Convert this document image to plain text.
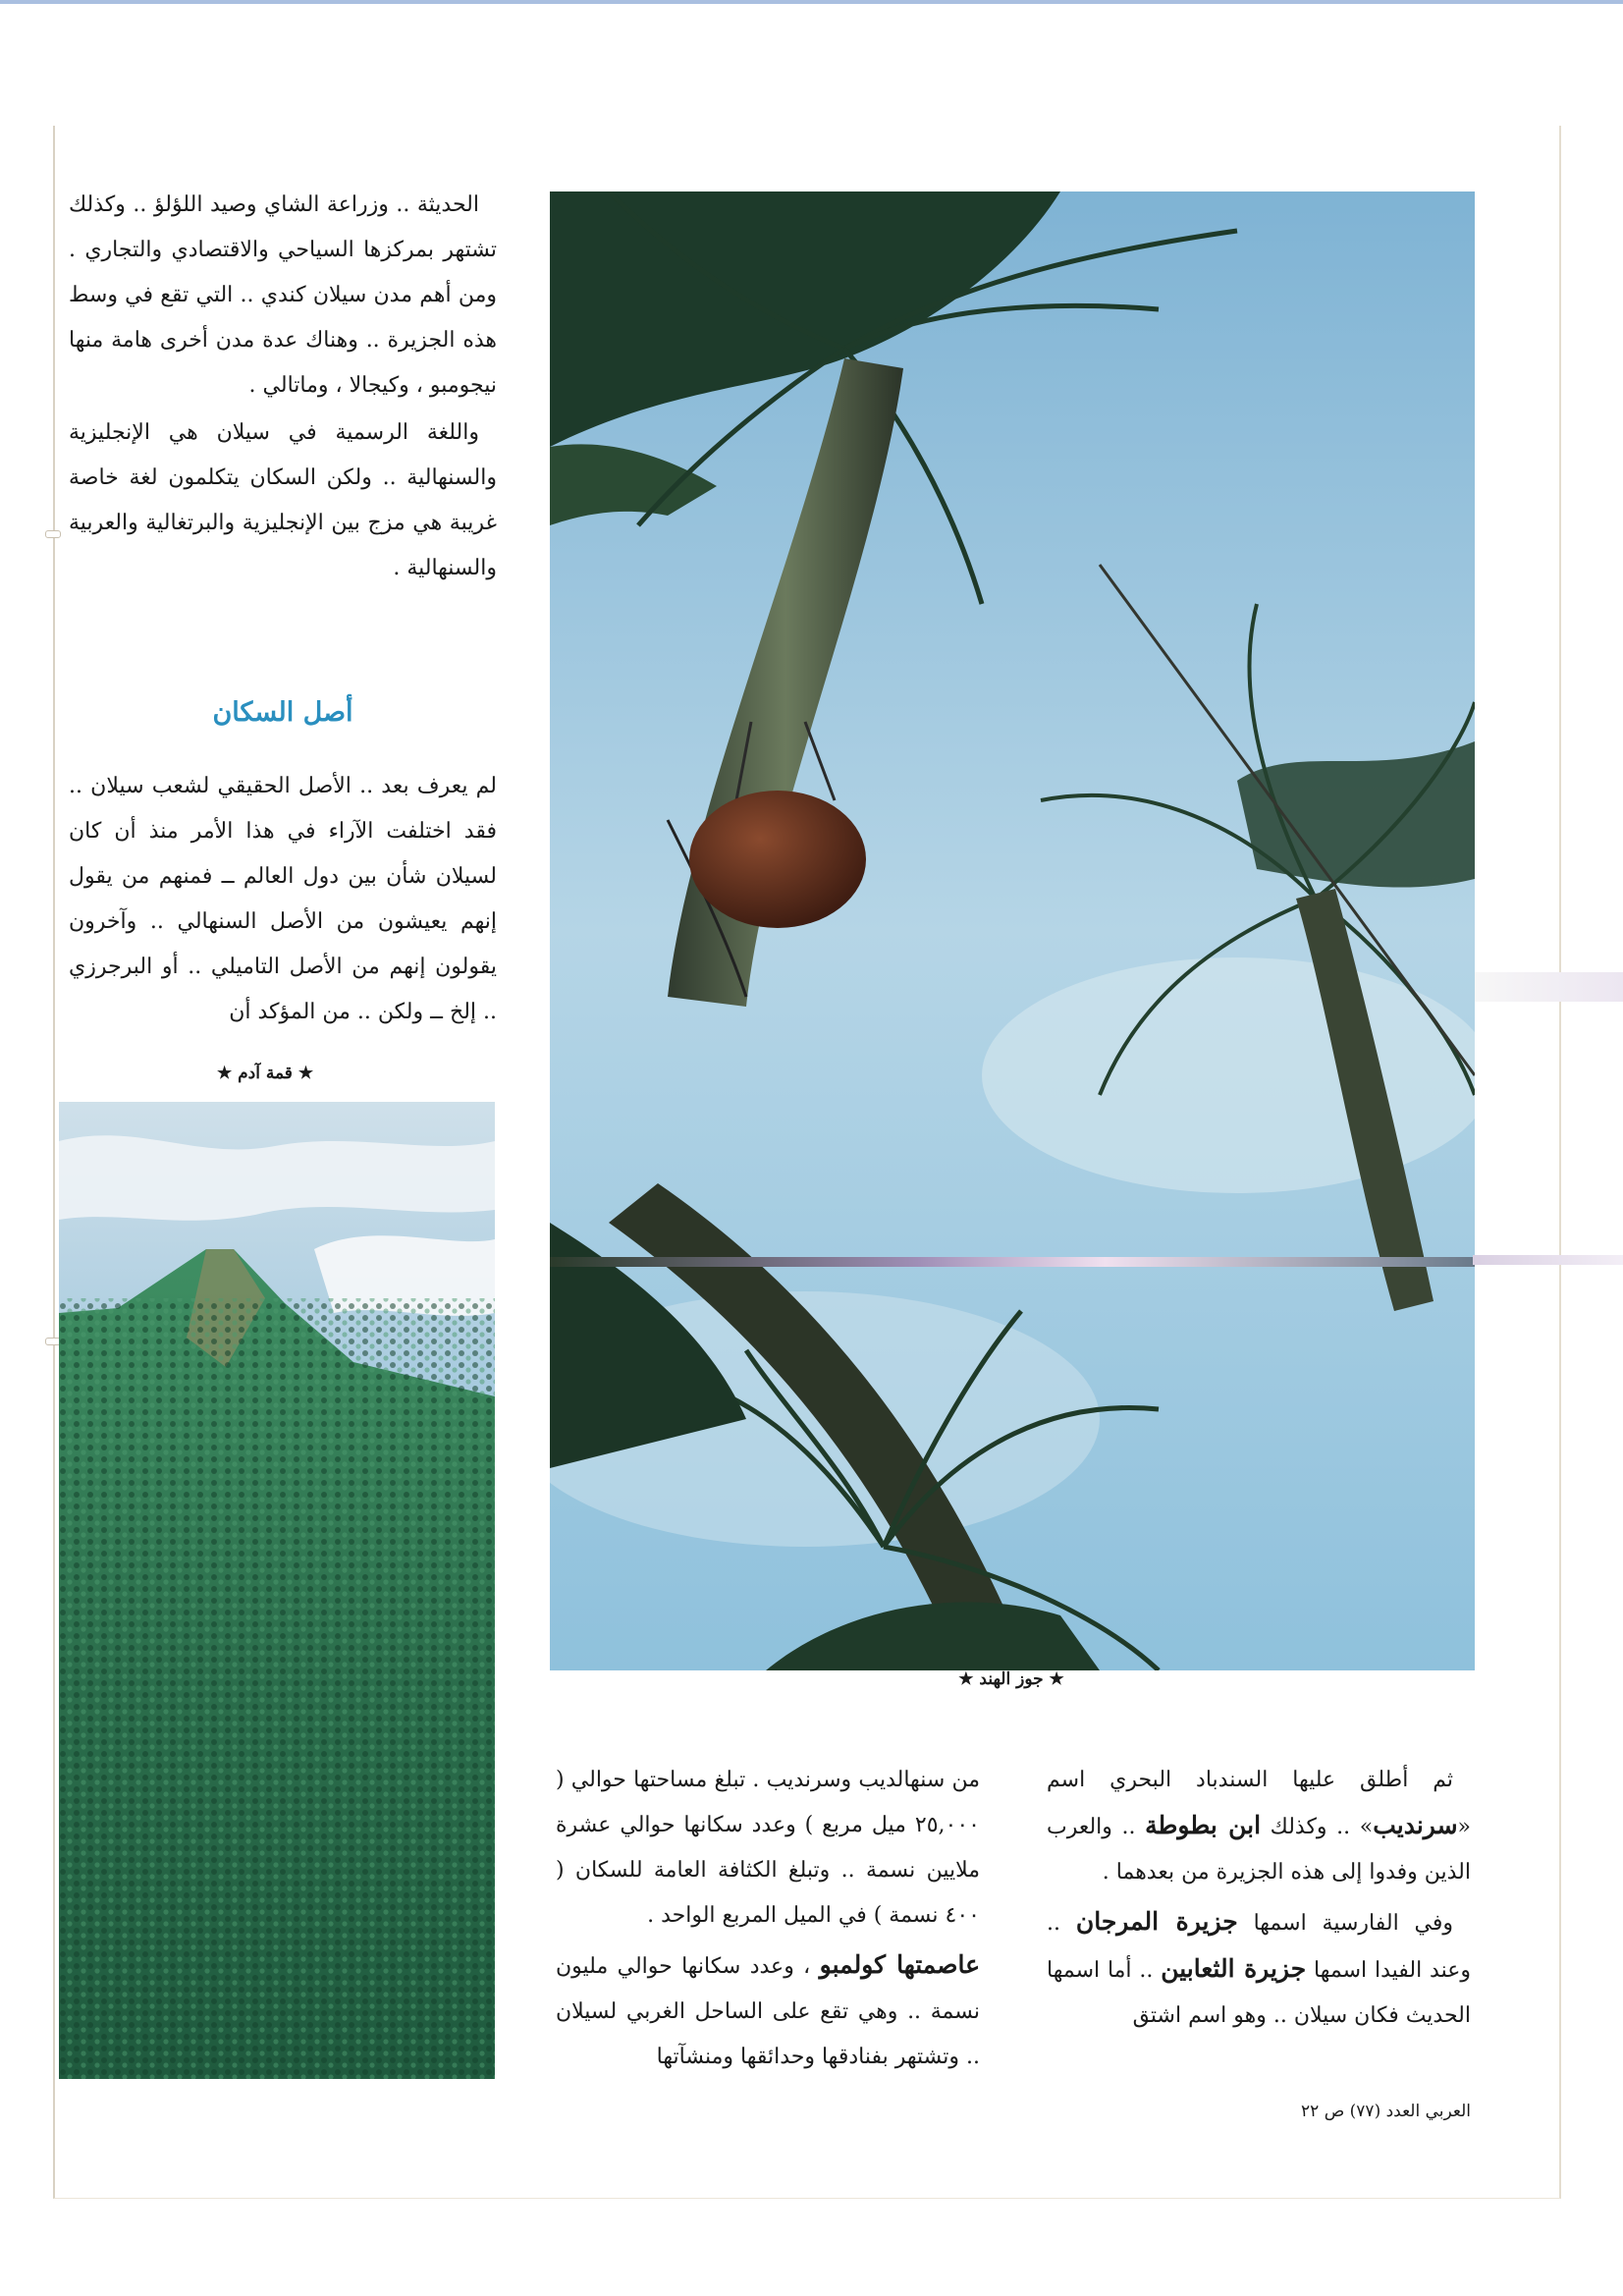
الحديثة .. وزراعة الشاي وصيد اللؤلؤ .. وكذلك تشتهر بمركزها السياحي والاقتصادي والتجاري . ومن أهم مدن سيلان كندي .. التي تقع في وسط هذه الجزيرة .. وهناك عدة مدن أخرى هامة منها نيجومبو ، وكيجالا ، وماتالي .

واللغة الرسمية في سيلان هي الإنجليزية والسنهالية .. ولكن السكان يتكلمون لغة خاصة غريبة هي مزج بين الإنجليزية والبرتغالية والعربية والسنهالية .

أصل السكان

لم يعرف بعد .. الأصل الحقيقي لشعب سيلان .. فقد اختلفت الآراء في هذا الأمر منذ أن كان لسيلان شأن بين دول العالم ــ فمنهم من يقول إنهم يعيشون من الأصل السنهالي .. وآخرون يقولون إنهم من الأصل التاميلي .. أو البرجرزي .. إلخ ــ ولكن .. من المؤكد أن

★ قمة آدم ★
★ جوز الهند ★

ثم أطلق عليها السندباد البحري اسم «سرنديب» .. وكذلك ابن بطوطة .. والعرب الذين وفدوا إلى هذه الجزيرة من بعدهما .

وفي الفارسية اسمها جزيرة المرجان .. وعند الفيدا اسمها جزيرة الثعابين .. أما اسمها الحديث فكان سيلان .. وهو اسم اشتق

من سنهالديب وسرنديب . تبلغ مساحتها حوالي ( ٢٥,٠٠٠ ميل مربع ) وعدد سكانها حوالي عشرة ملايين نسمة .. وتبلغ الكثافة العامة للسكان ( ٤٠٠ نسمة ) في الميل المربع الواحد .

عاصمتها كولمبو ، وعدد سكانها حوالي مليون نسمة .. وهي تقع على الساحل الغربي لسيلان .. وتشتهر بفنادقها وحدائقها ومنشآتها

العربي العدد (٧٧) ص ٢٢
